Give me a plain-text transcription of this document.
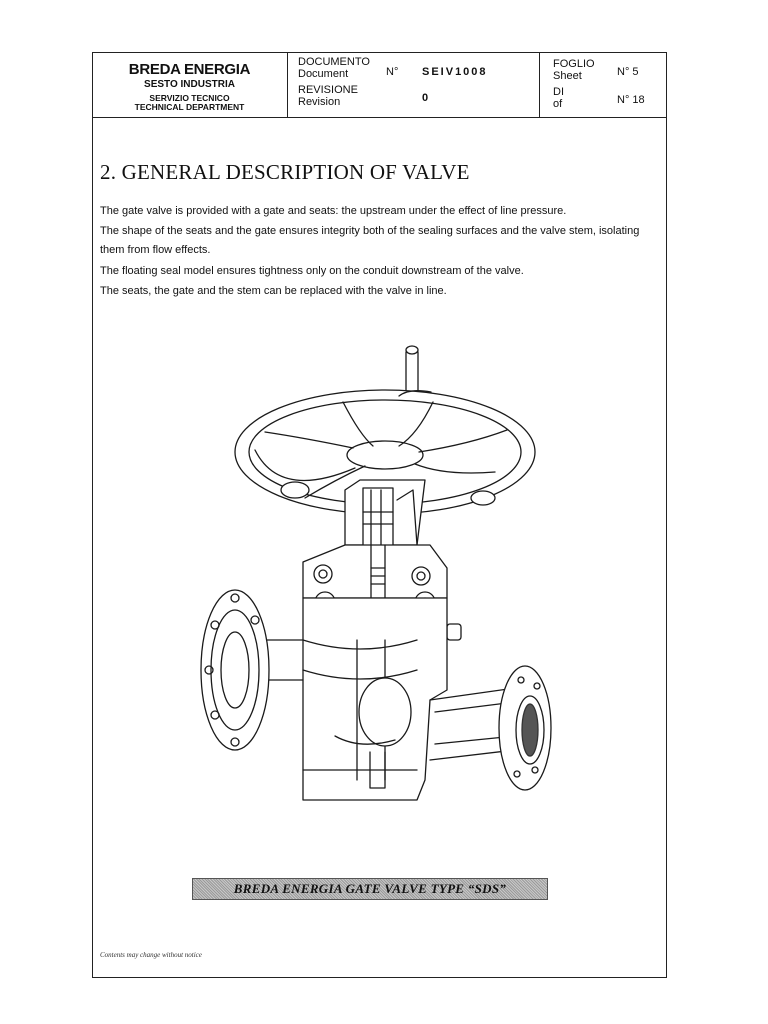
BREDA ENERGIA
SESTO INDUSTRIA
SERVIZIO TECNICO
TECHNICAL DEPARTMENT
DOCUMENTO
Document	N° SEIV1008
REVISIONE
Revision	0
FOGLIO
Sheet	N° 5
DI
of	N° 18
2. GENERAL DESCRIPTION OF VALVE
The gate valve is provided with a gate and seats: the upstream under the effect of line pressure.
The shape of the seats and the gate ensures integrity both of the sealing surfaces and the valve stem, isolating
them from flow effects.
The floating seal model ensures tightness only on the conduit downstream of the valve.
The seats, the gate and the stem can be replaced with the valve in line.
BREDA ENERGIA GATE VALVE TYPE “SDS”
Contents may change without notice
